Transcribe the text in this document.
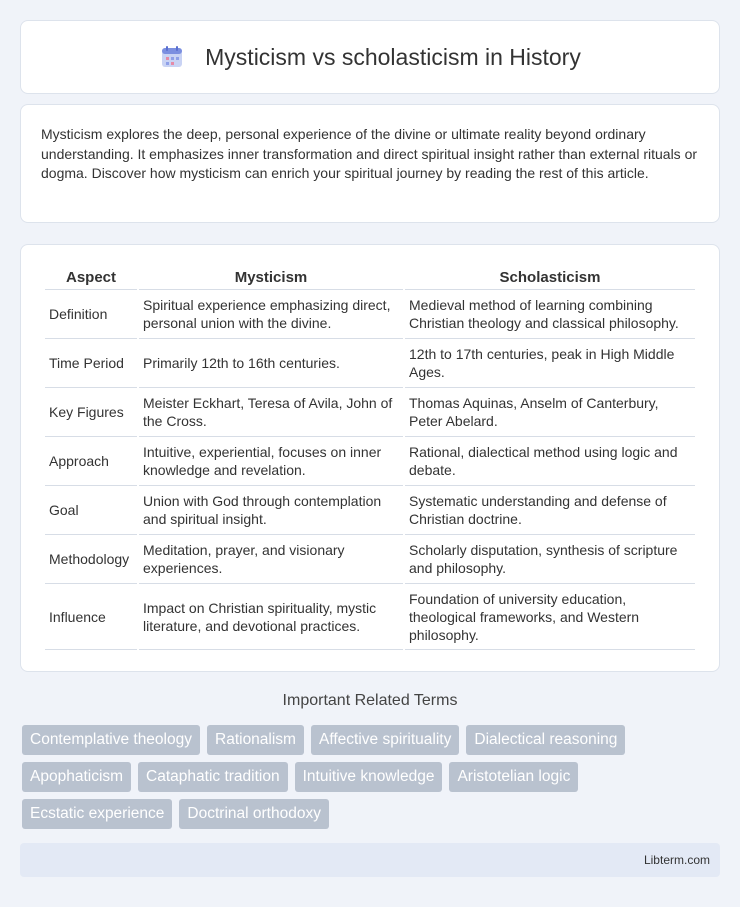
Mysticism vs scholasticism in History

Mysticism explores the deep, personal experience of the divine or ultimate reality beyond ordinary understanding. It emphasizes inner transformation and direct spiritual insight rather than external rituals or dogma. Discover how mysticism can enrich your spiritual journey by reading the rest of this article.

Aspect	Mysticism	Scholasticism
Definition	Spiritual experience emphasizing direct, personal union with the divine.	Medieval method of learning combining Christian theology and classical philosophy.
Time Period	Primarily 12th to 16th centuries.	12th to 17th centuries, peak in High Middle Ages.
Key Figures	Meister Eckhart, Teresa of Avila, John of the Cross.	Thomas Aquinas, Anselm of Canterbury, Peter Abelard.
Approach	Intuitive, experiential, focuses on inner knowledge and revelation.	Rational, dialectical method using logic and debate.
Goal	Union with God through contemplation and spiritual insight.	Systematic understanding and defense of Christian doctrine.
Methodology	Meditation, prayer, and visionary experiences.	Scholarly disputation, synthesis of scripture and philosophy.
Influence	Impact on Christian spirituality, mystic literature, and devotional practices.	Foundation of university education, theological frameworks, and Western philosophy.
Important Related Terms
Contemplative theology	Rationalism	Affective spirituality	Dialectical reasoning
Apophaticism	Cataphatic tradition	Intuitive knowledge	Aristotelian logic
Ecstatic experience	Doctrinal orthodoxy
Libterm.com
